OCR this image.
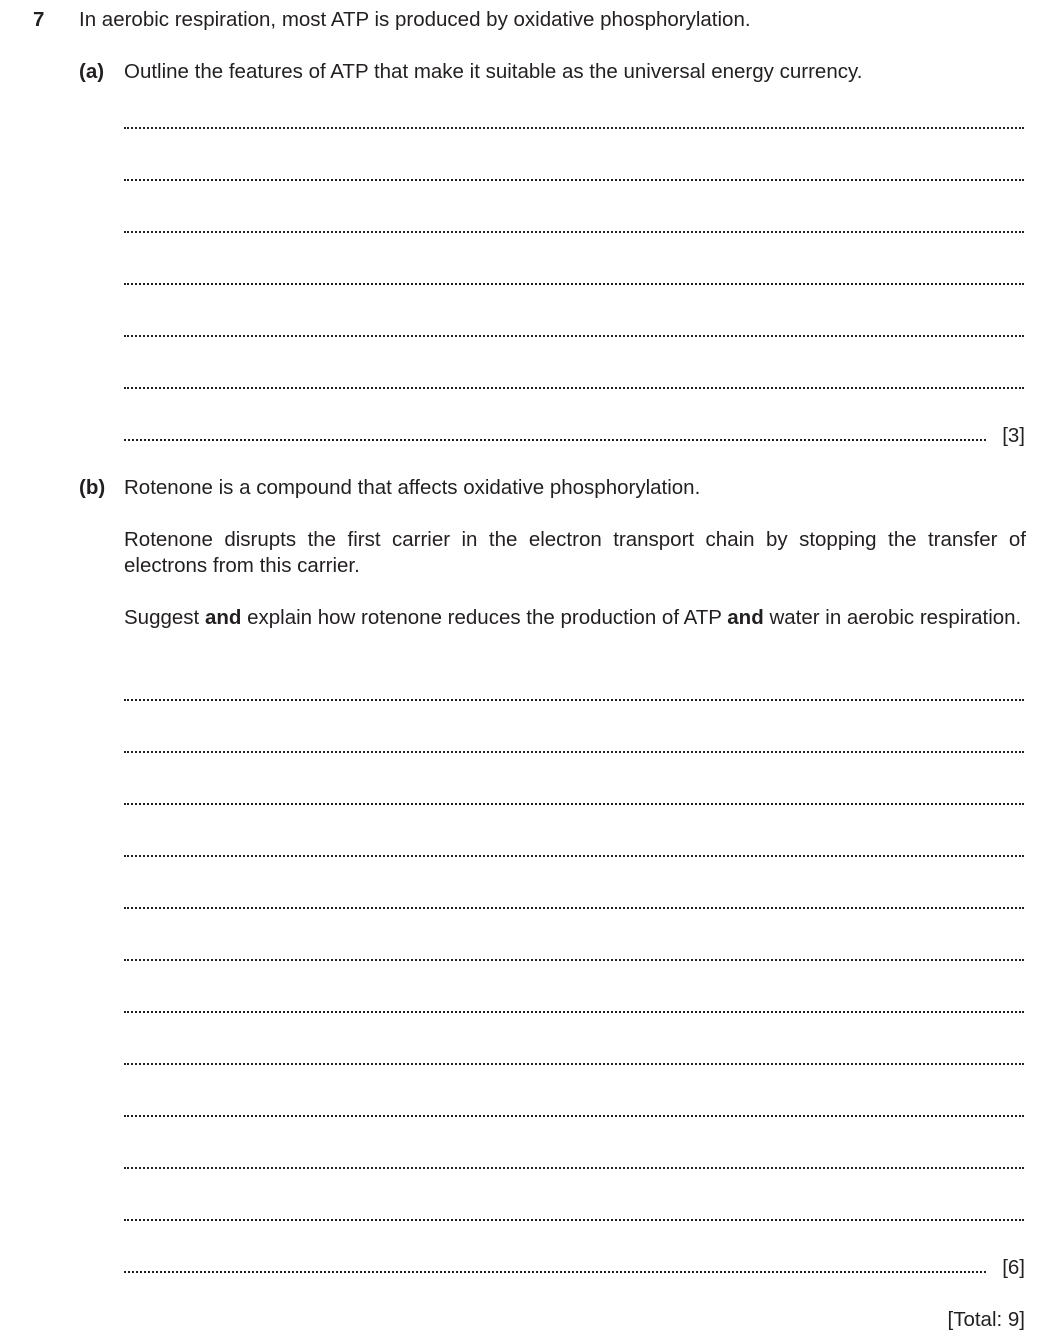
7 In aerobic respiration, most ATP is produced by oxidative phosphorylation.
(a) Outline the features of ATP that make it suitable as the universal energy currency.
[3]
(b) Rotenone is a compound that affects oxidative phosphorylation.
Rotenone disrupts the first carrier in the electron transport chain by stopping the transfer of electrons from this carrier.
Suggest and explain how rotenone reduces the production of ATP and water in aerobic respiration.
[6]
[Total: 9]
